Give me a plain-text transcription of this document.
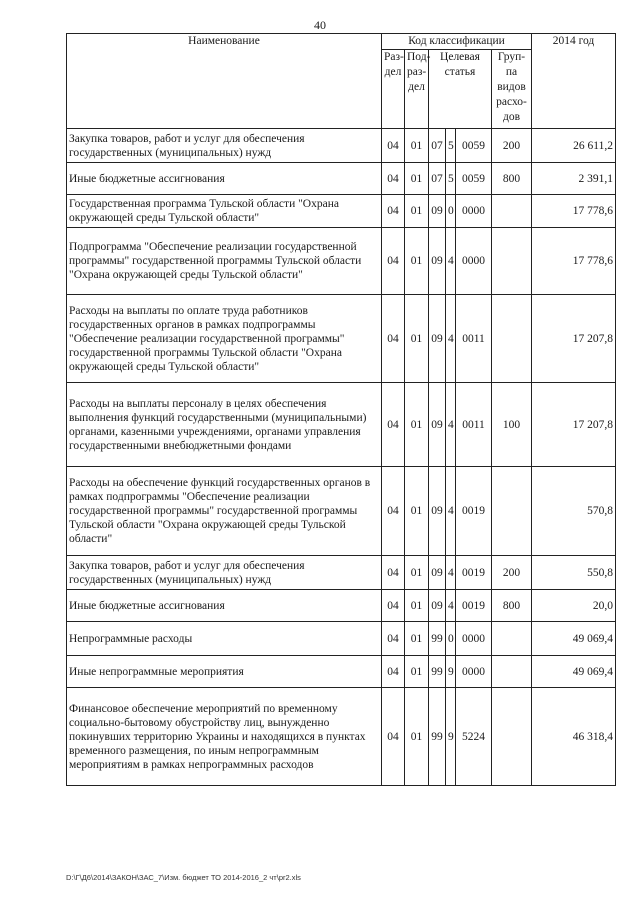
40
Наименование	Код классификации						2014 год
	Раз-дел	Под-раз-дел	Целевая статья			Груп-па видов расхо-дов	
Закупка товаров, работ и услуг для обеспечения государственных (муниципальных) нужд	04	01	07	5	0059	200	26 611,2
Иные бюджетные ассигнования	04	01	07	5	0059	800	2 391,1
Государственная программа Тульской области "Охрана окружающей среды Тульской области"	04	01	09	0	0000		17 778,6
Подпрограмма "Обеспечение реализации государственной программы" государственной программы Тульской области "Охрана окружающей среды Тульской области"	04	01	09	4	0000		17 778,6
Расходы на выплаты по оплате труда работников государственных органов в рамках подпрограммы "Обеспечение реализации государственной программы" государственной программы Тульской области "Охрана окружающей среды Тульской области"	04	01	09	4	0011		17 207,8
Расходы на выплаты персоналу в целях обеспечения выполнения функций государственными (муниципальными) органами, казенными учреждениями, органами управления государственными внебюджетными фондами	04	01	09	4	0011	100	17 207,8
Расходы на обеспечение функций государственных органов в рамках подпрограммы "Обеспечение реализации государственной программы" государственной программы Тульской области "Охрана окружающей среды Тульской области"	04	01	09	4	0019		570,8
Закупка товаров, работ и услуг для обеспечения государственных (муниципальных) нужд	04	01	09	4	0019	200	550,8
Иные бюджетные ассигнования	04	01	09	4	0019	800	20,0
Непрограммные расходы	04	01	99	0	0000		49 069,4
Иные непрограммные мероприятия	04	01	99	9	0000		49 069,4
Финансовое обеспечение мероприятий по временному социально-бытовому обустройству лиц, вынужденно покинувших территорию Украины и находящихся в пунктах временного размещения, по иным непрограммным мероприятиям в рамках непрограммных расходов	04	01	99	9	5224		46 318,4
D:\Г\Д6\2014\ЗАКОН\ЗАС_7\Изм. бюджет ТО 2014-2016_2 чт\pr2.xls
